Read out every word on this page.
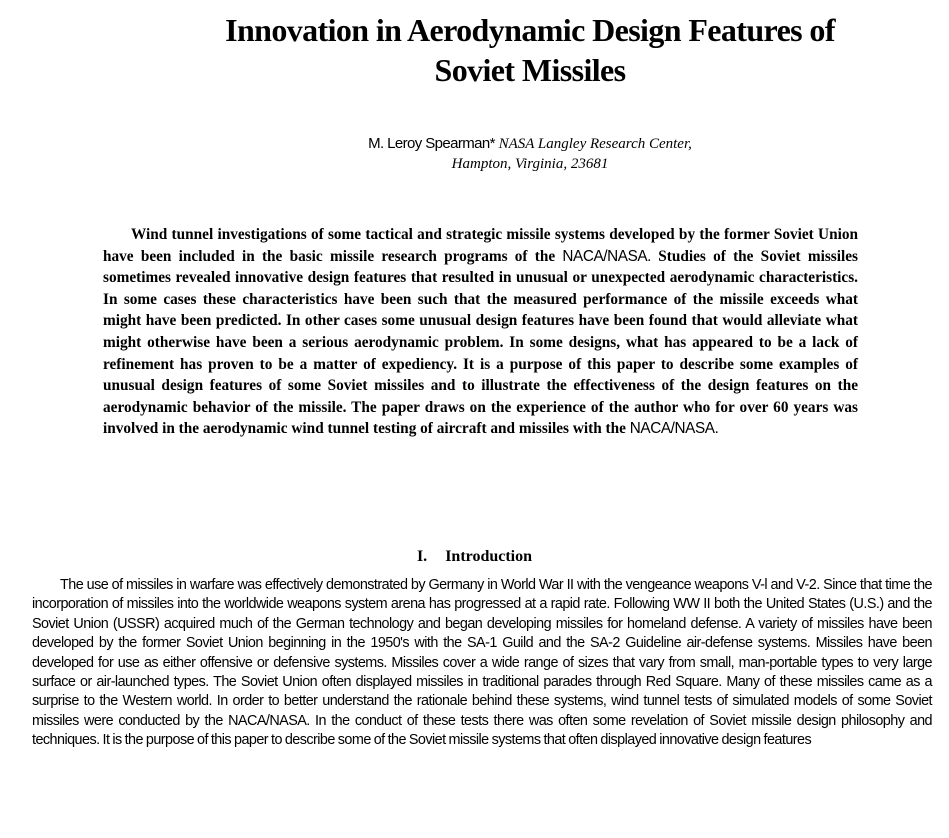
Innovation in Aerodynamic Design Features of
Soviet Missiles
M. Leroy Spearman* NASA Langley Research Center,
Hampton, Virginia, 23681

Wind tunnel investigations of some tactical and strategic missile systems developed by the former Soviet Union have been included in the basic missile research programs of the NACA/NASA. Studies of the Soviet missiles sometimes revealed innovative design features that resulted in unusual or unexpected aerodynamic characteristics. In some cases these characteristics have been such that the measured performance of the missile exceeds what might have been predicted. In other cases some unusual design features have been found that would alleviate what might otherwise have been a serious aerodynamic problem. In some designs, what has appeared to be a lack of refinement has proven to be a matter of expediency. It is a purpose of this paper to describe some examples of unusual design features of some Soviet missiles and to illustrate the effectiveness of the design features on the aerodynamic behavior of the missile. The paper draws on the experience of the author who for over 60 years was involved in the aerodynamic wind tunnel testing of aircraft and missiles with the NACA/NASA.

I. Introduction

The use of missiles in warfare was effectively demonstrated by Germany in World War II with the vengeance weapons V-l and V-2. Since that time the incorporation of missiles into the worldwide weapons system arena has progressed at a rapid rate. Following WW II both the United States (U.S.) and the Soviet Union (USSR) acquired much of the German technology and began developing missiles for homeland defense. A variety of missiles have been developed by the former Soviet Union beginning in the 1950's with the SA-1 Guild and the SA-2 Guideline air-defense systems. Missiles have been developed for use as either offensive or defensive systems. Missiles cover a wide range of sizes that vary from small, man-portable types to very large surface or air-launched types. The Soviet Union often displayed missiles in traditional parades through Red Square. Many of these missiles came as a surprise to the Western world. In order to better understand the rationale behind these systems, wind tunnel tests of simulated models of some Soviet missiles were conducted by the NACA/NASA. In the conduct of these tests there was often some revelation of Soviet missile design philosophy and techniques. It is the purpose of this paper to describe some of the Soviet missile systems that often displayed innovative design features
